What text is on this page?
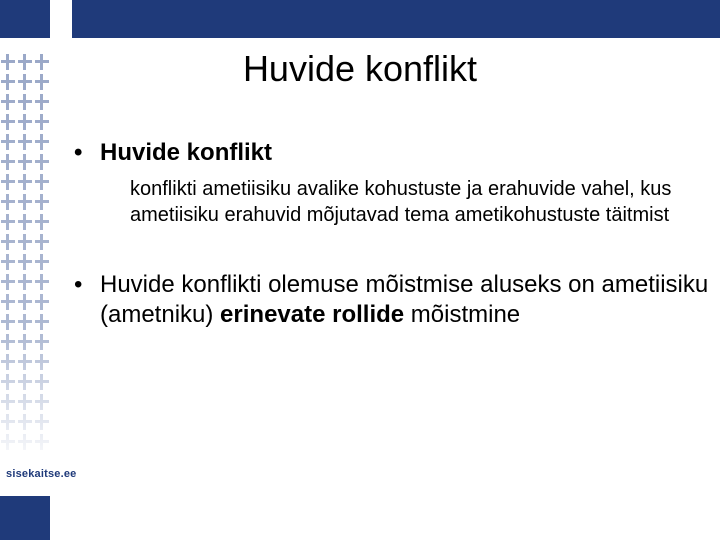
sisekaitse.ee
Huvide konflikt
• Huvide konflikt
konflikti ametiisiku avalike kohustuste ja erahuvide vahel, kus ametiisiku erahuvid mõjutavad tema ametikohustuste täitmist
• Huvide konflikti olemuse mõistmise aluseks on ametiisiku (ametniku) erinevate rollide mõistmine
